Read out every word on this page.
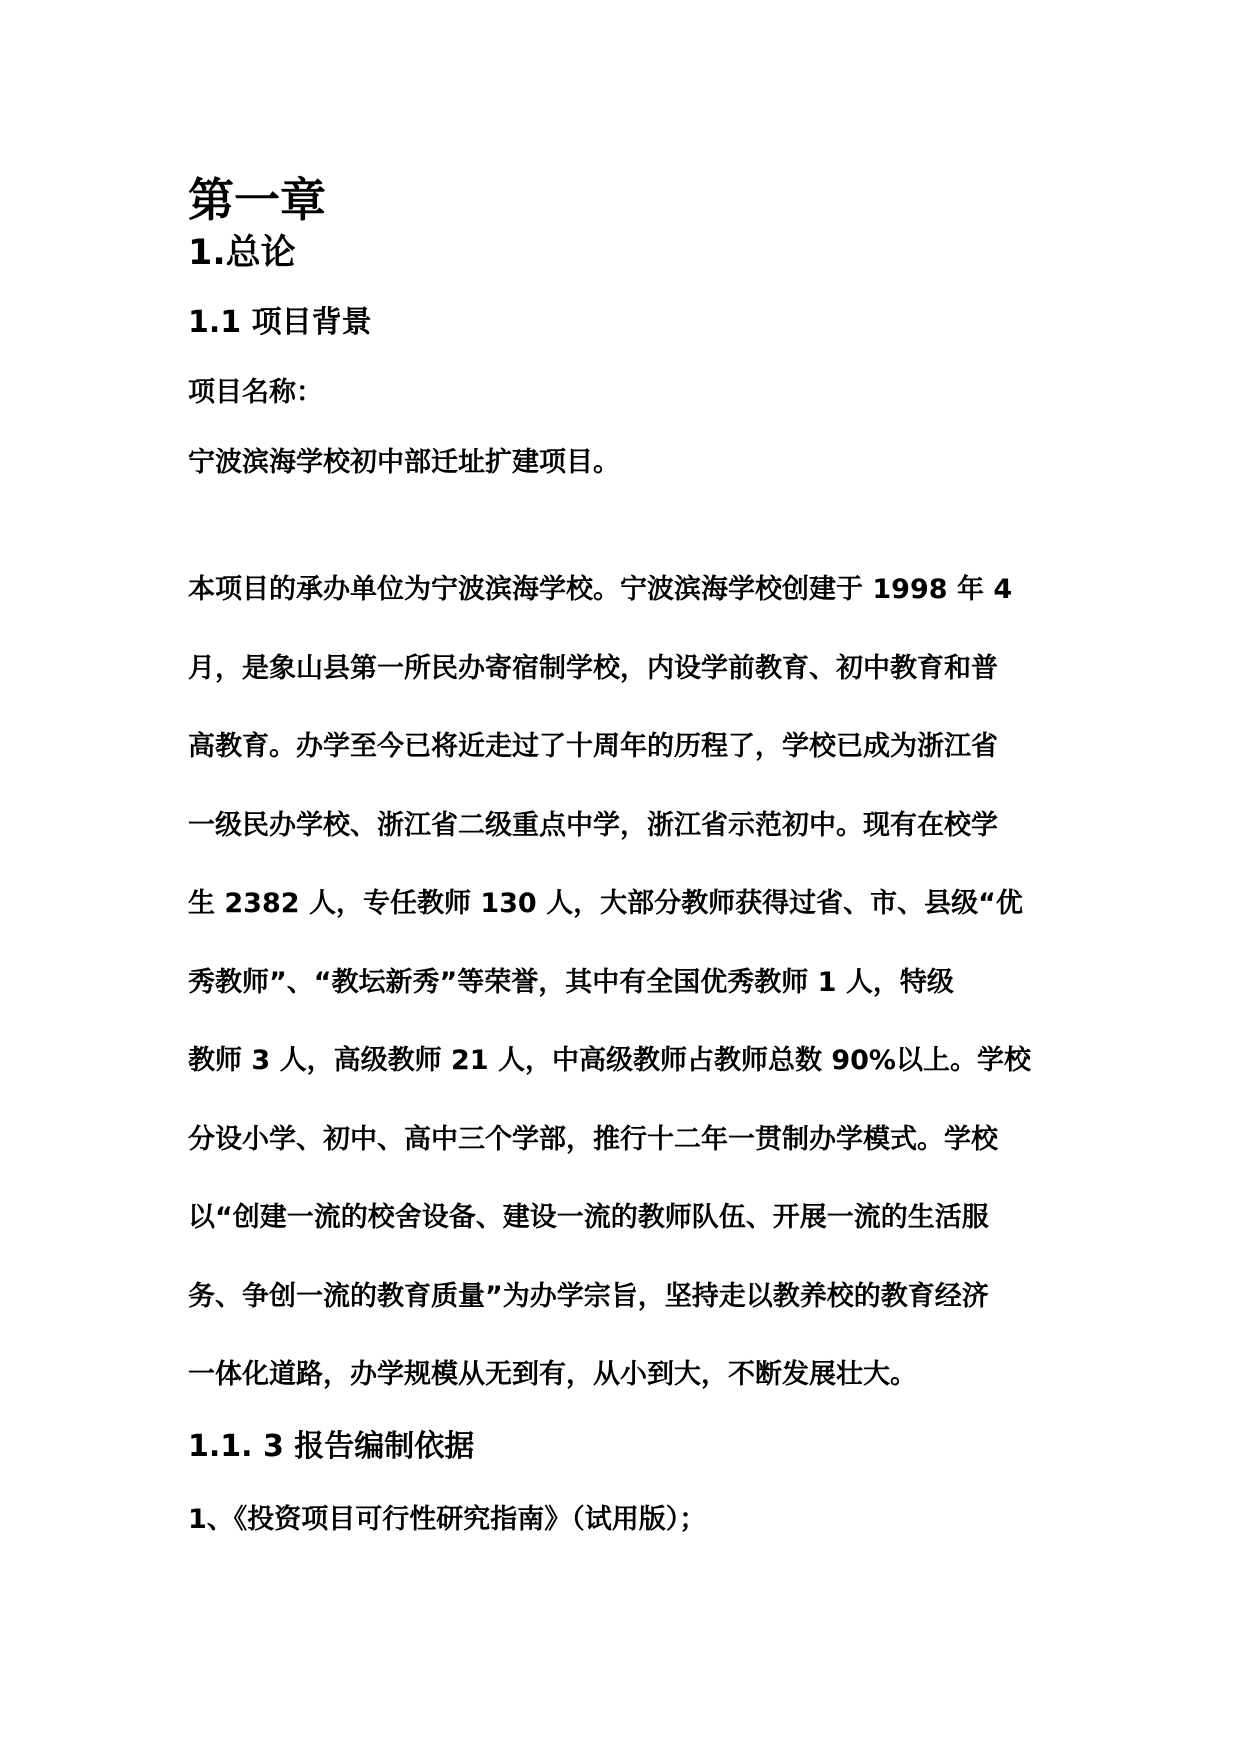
第一章
1.总论
1.1 项目背景

项目名称：

宁波滨海学校初中部迁址扩建项目。

本项目的承办单位为宁波滨海学校。宁波滨海学校创建于 1998 年 4
月，是象山县第一所民办寄宿制学校，内设学前教育、初中教育和普
高教育。办学至今已将近走过了十周年的历程了，学校已成为浙江省
一级民办学校、浙江省二级重点中学，浙江省示范初中。现有在校学
生 2382 人，专任教师 130 人，大部分教师获得过省、市、县级“优
秀教师”、“教坛新秀”等荣誉，其中有全国优秀教师 1 人，特级
教师 3 人，高级教师 21 人，中高级教师占教师总数 90%以上。学校
分设小学、初中、高中三个学部，推行十二年一贯制办学模式。学校
以“创建一流的校舍设备、建设一流的教师队伍、开展一流的生活服
务、争创一流的教育质量”为办学宗旨，坚持走以教养校的教育经济
一体化道路，办学规模从无到有，从小到大，不断发展壮大。
1.1. 3 报告编制依据

1、《投资项目可行性研究指南》（试用版）；
